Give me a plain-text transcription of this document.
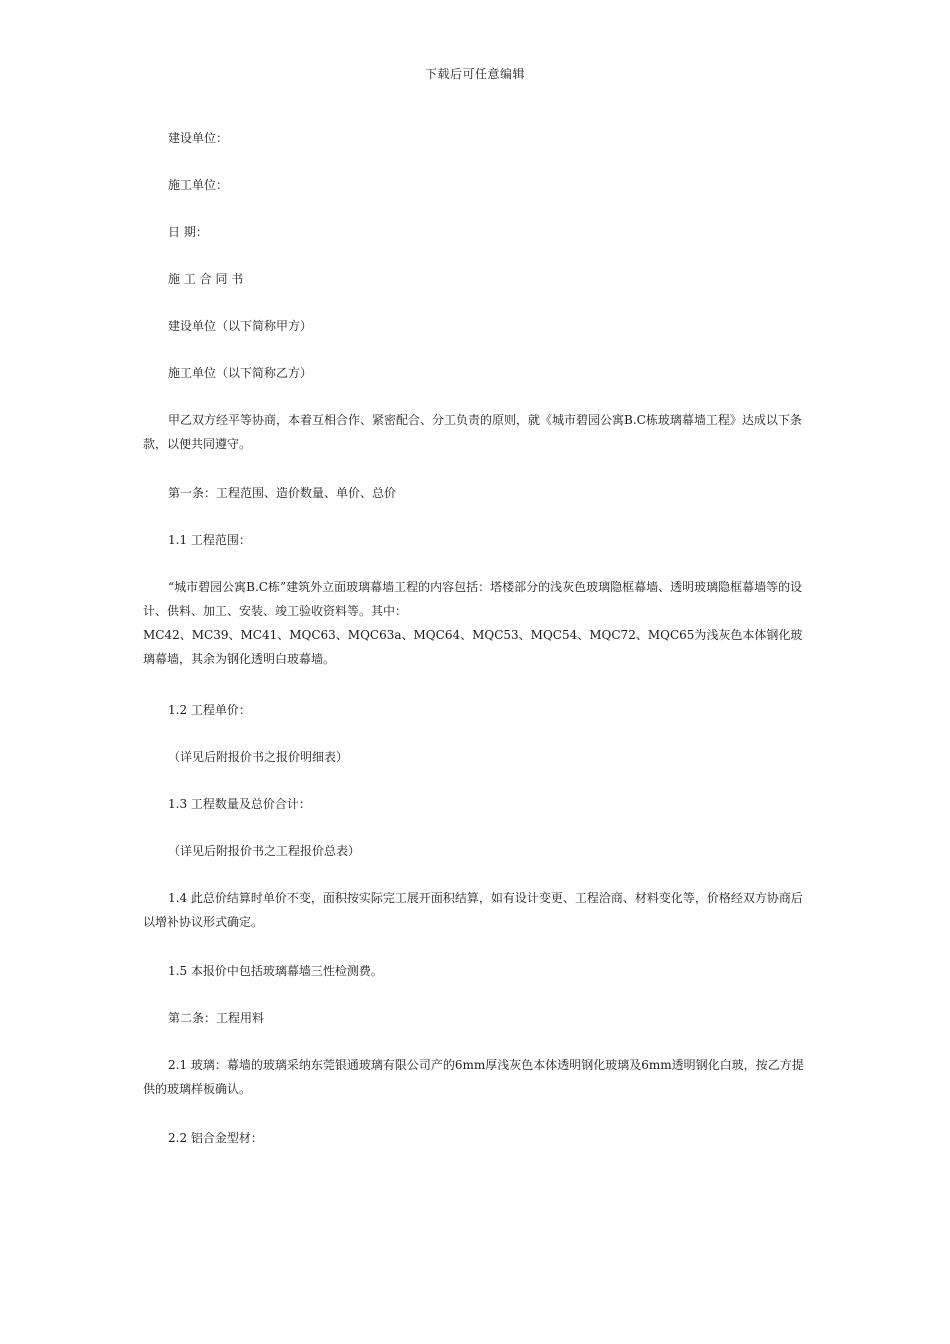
下载后可任意编辑

建设单位：

施工单位：

日 期：

施 工 合 同 书

建设单位（以下简称甲方）

施工单位（以下简称乙方）

甲乙双方经平等协商，本着互相合作、紧密配合、分工负责的原则，就《城市碧园公寓B.C栋玻璃幕墙工程》达成以下条款，以便共同遵守。

第一条：工程范围、造价数量、单价、总价

1.1 工程范围：

“城市碧园公寓B.C栋”建筑外立面玻璃幕墙工程的内容包括：塔楼部分的浅灰色玻璃隐框幕墙、透明玻璃隐框幕墙等的设计、供料、加工、安装、竣工验收资料等。其中：

MC42、MC39、MC41、MQC63、MQC63a、MQC64、MQC53、MQC54、MQC72、MQC65为浅灰色本体钢化玻璃幕墙，其余为钢化透明白玻幕墙。

1.2 工程单价：

（详见后附报价书之报价明细表）

1.3 工程数量及总价合计：

（详见后附报价书之工程报价总表）

1.4 此总价结算时单价不变，面积按实际完工展开面积结算，如有设计变更、工程洽商、材料变化等，价格经双方协商后以增补协议形式确定。

1.5 本报价中包括玻璃幕墙三性检测费。

第二条：工程用料

2.1 玻璃：幕墙的玻璃采纳东莞银通玻璃有限公司产的6mm厚浅灰色本体透明钢化玻璃及6mm透明钢化白玻，按乙方提供的玻璃样板确认。

2.2 铝合金型材：
